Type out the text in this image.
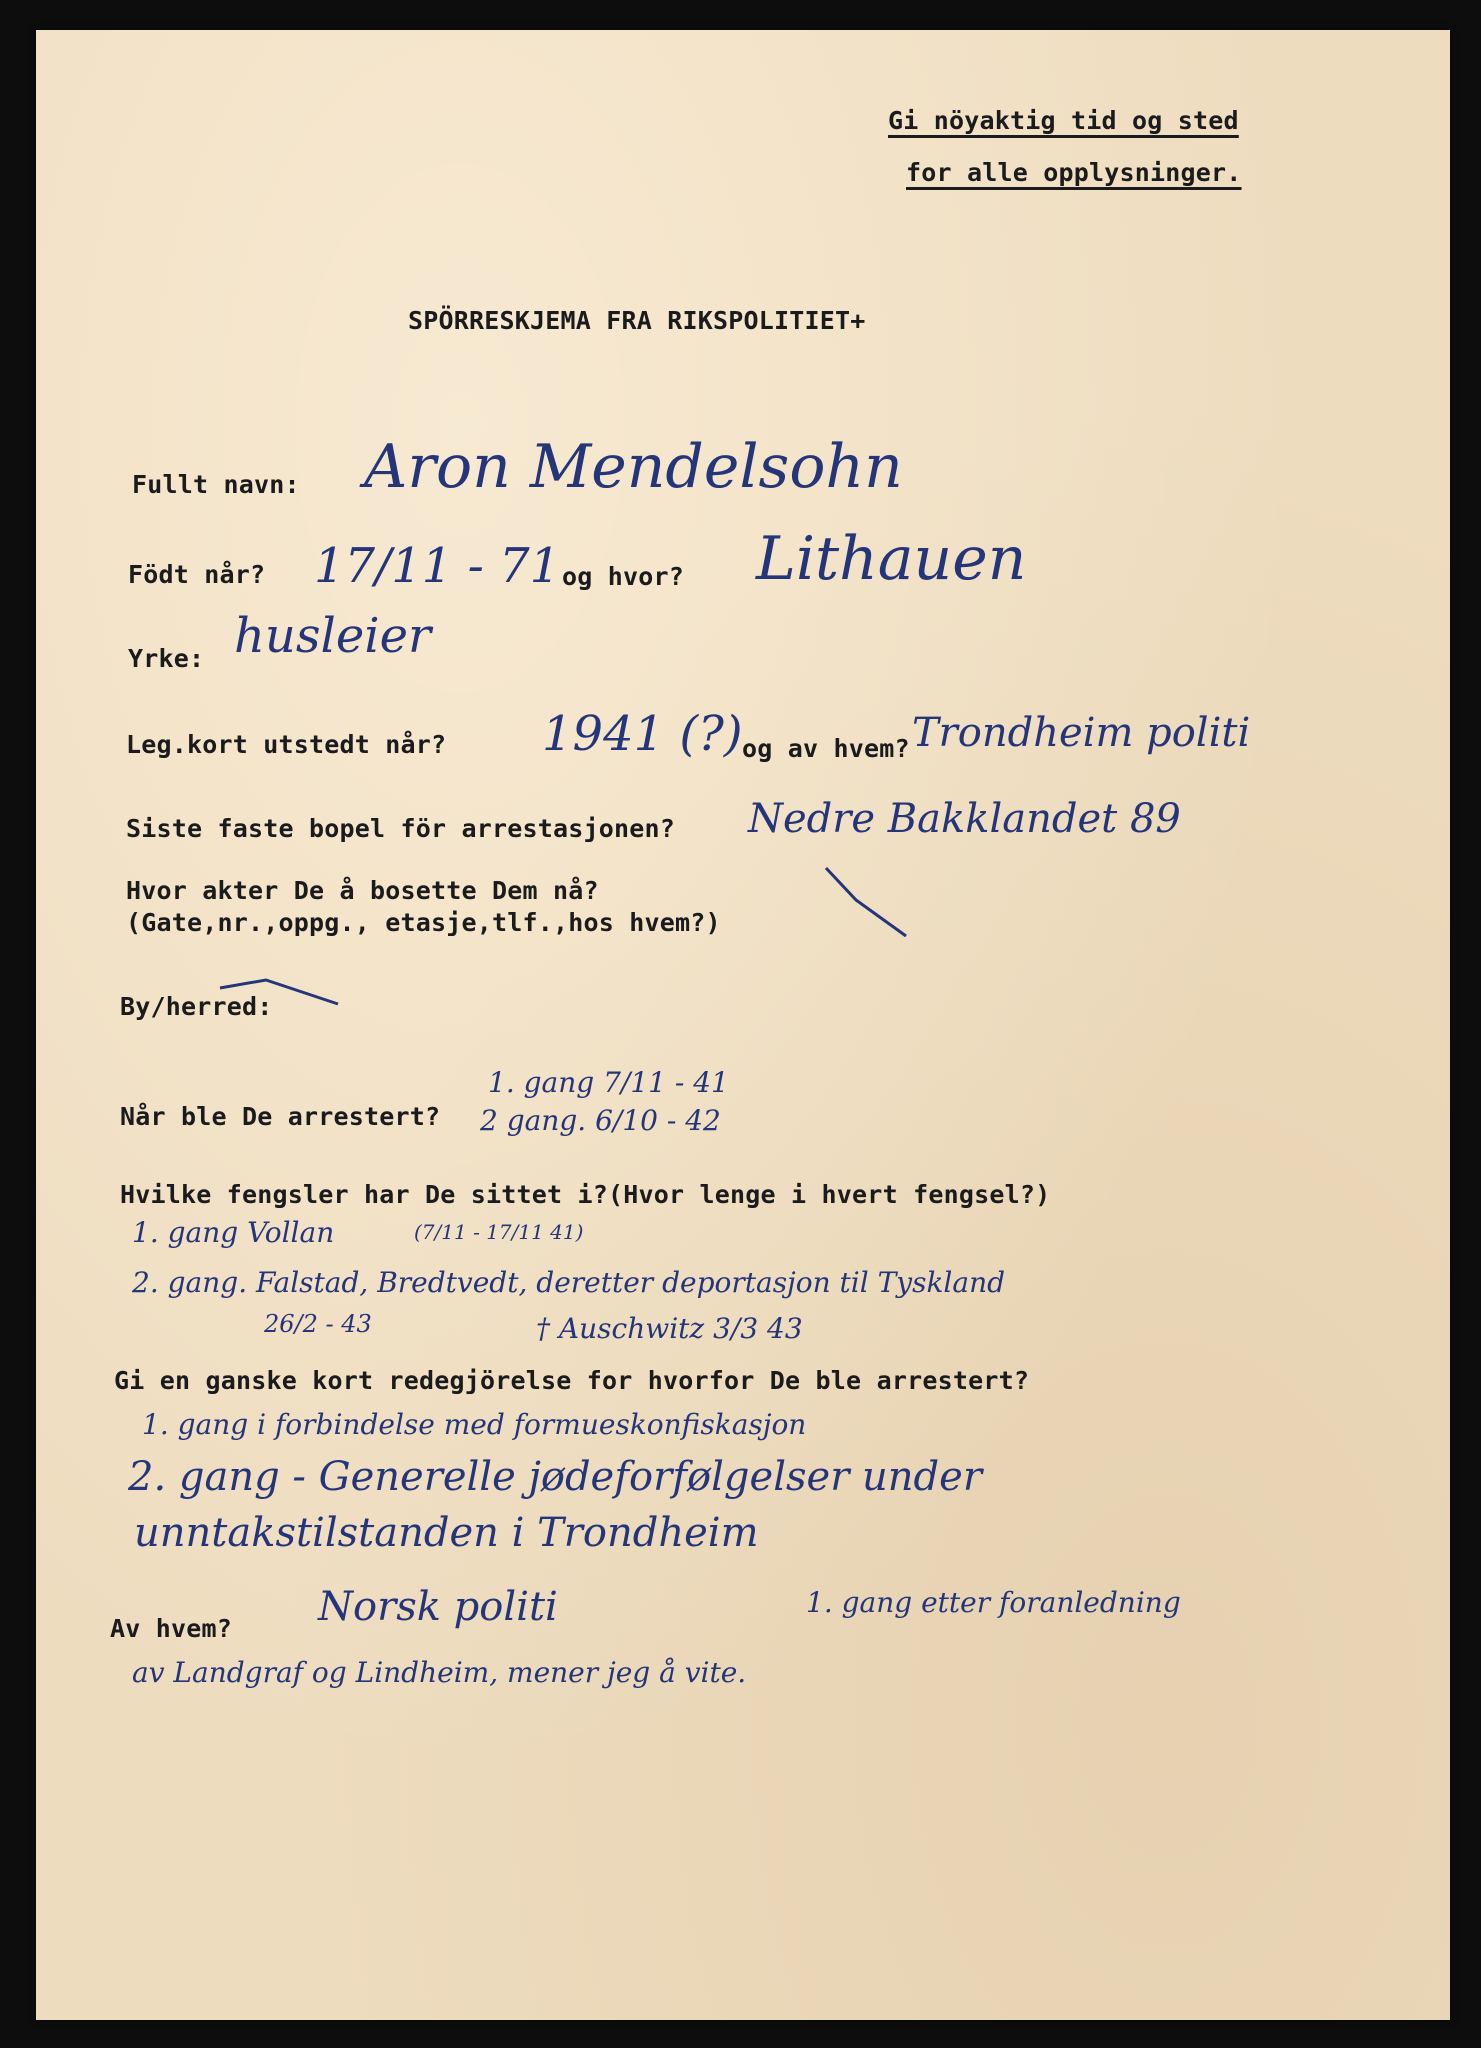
Gi nöyaktig tid og sted
for alle opplysninger.
SPÖRRESKJEMA FRA RIKSPOLITIET+
Fullt navn: Aron Mendelsohn
Födt når? 17/11 - 71 og hvor? Lithauen
Yrke: husleier
Leg.kort utstedt når? 1941 (?) og av hvem? Trondheim politi
Siste faste bopel för arrestasjonen? Nedre Bakklandet 89
Hvor akter De å bosette Dem nå?
(Gate,nr.,oppg., etasje,tlf.,hos hvem?)
By/herred:
Når ble De arrestert?
1. gang 7/11 - 41
2 gang. 6/10 - 42
Hvilke fengsler har De sittet i?(Hvor lenge i hvert fengsel?)
1. gang Vollan	(7/11 - 17/11 41)
2. gang. Falstad, Bredtvedt, deretter deportasjon til Tyskland
26/2 - 43	† Auschwitz 3/3 43
Gi en ganske kort redegjörelse for hvorfor De ble arrestert?
1. gang i forbindelse med formueskonfiskasjon
2. gang - Generelle jødeforfølgelser under
unntakstilstanden i Trondheim
Av hvem? Norsk politi	1. gang etter foranledning
av Landgraf og Lindheim, mener jeg å vite.
